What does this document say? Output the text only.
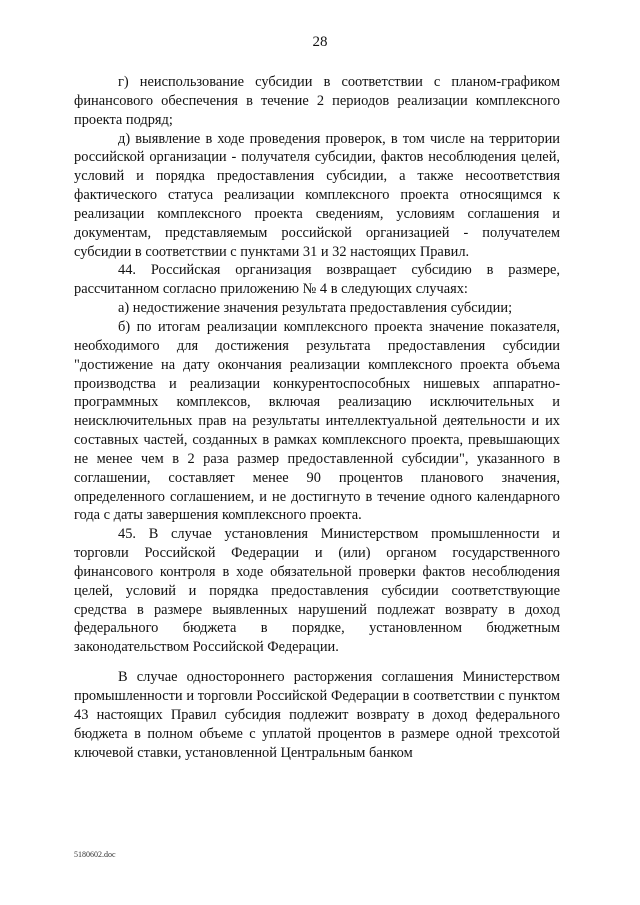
28

г) неиспользование субсидии в соответствии с планом-графиком финансового обеспечения в течение 2 периодов реализации комплексного проекта подряд;

д) выявление в ходе проведения проверок, в том числе на территории российской организации - получателя субсидии, фактов несоблюдения целей, условий и порядка предоставления субсидии, а также несоответствия фактического статуса реализации комплексного проекта относящимся к реализации комплексного проекта сведениям, условиям соглашения и документам, представляемым российской организацией - получателем субсидии в соответствии с пунктами 31 и 32 настоящих Правил.

44. Российская организация возвращает субсидию в размере, рассчитанном согласно приложению № 4 в следующих случаях:

а) недостижение значения результата предоставления субсидии;

б) по итогам реализации комплексного проекта значение показателя, необходимого для достижения результата предоставления субсидии "достижение на дату окончания реализации комплексного проекта объема производства и реализации конкурентоспособных нишевых аппаратно-программных комплексов, включая реализацию исключительных и неисключительных прав на результаты интеллектуальной деятельности и их составных частей, созданных в рамках комплексного проекта, превышающих не менее чем в 2 раза размер предоставленной субсидии", указанного в соглашении, составляет менее 90 процентов планового значения, определенного соглашением, и не достигнуто в течение одного календарного года с даты завершения комплексного проекта.

45. В случае установления Министерством промышленности и торговли Российской Федерации и (или) органом государственного финансового контроля в ходе обязательной проверки фактов несоблюдения целей, условий и порядка предоставления субсидии соответствующие средства в размере выявленных нарушений подлежат возврату в доход федерального бюджета в порядке, установленном бюджетным законодательством Российской Федерации.

В случае одностороннего расторжения соглашения Министерством промышленности и торговли Российской Федерации в соответствии с пунктом 43 настоящих Правил субсидия подлежит возврату в доход федерального бюджета в полном объеме с уплатой процентов в размере одной трехсотой ключевой ставки, установленной Центральным банком

5180602.doc
